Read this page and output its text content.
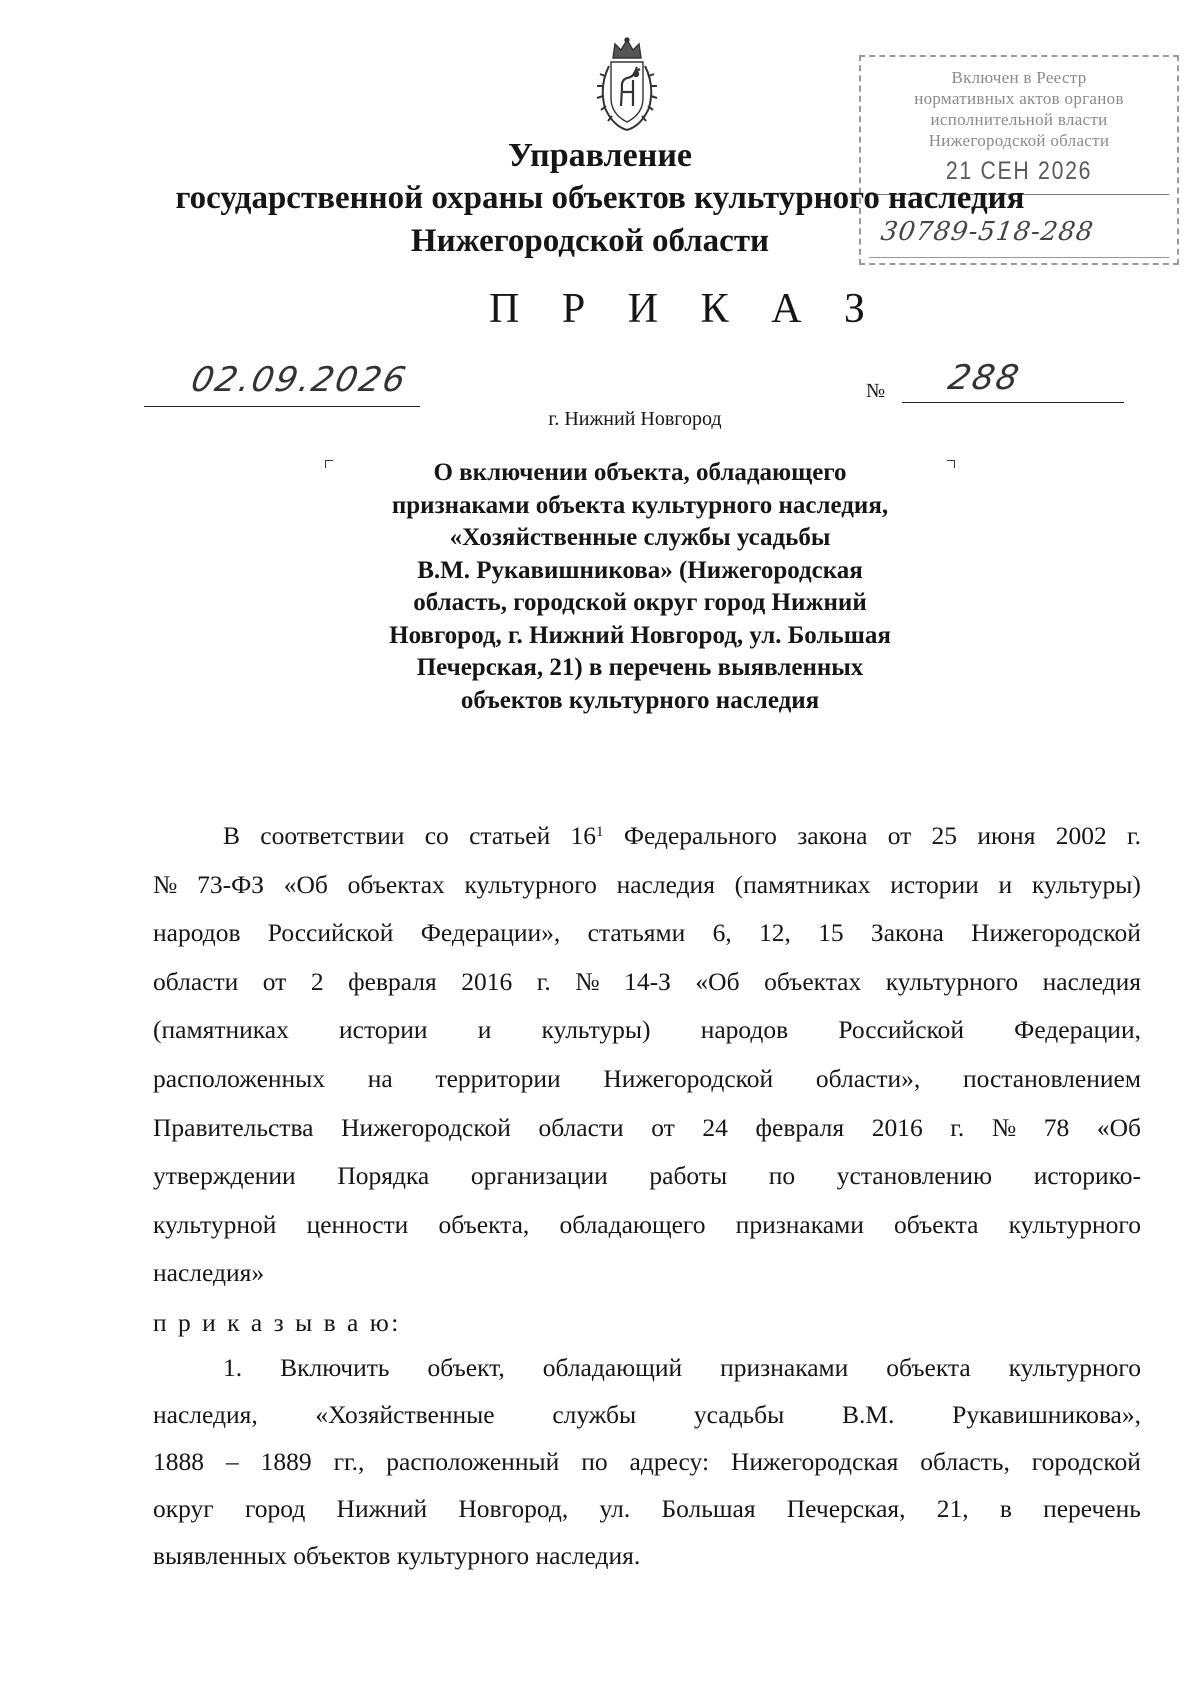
Включен в Реестр
нормативных актов органов
исполнительной власти
Нижегородской области
21 СЕН 2026
30789-518-288
Управление
государственной охраны объектов культурного наследия
Нижегородской области
П Р И К А З
02.09.2026	№ 288
г. Нижний Новгород
О включении объекта, обладающего
признаками объекта культурного наследия,
«Хозяйственные службы усадьбы
В.М. Рукавишникова» (Нижегородская
область, городской округ город Нижний
Новгород, г. Нижний Новгород, ул. Большая
Печерская, 21) в перечень выявленных
объектов культурного наследия
В соответствии со статьей $16^1$ Федерального закона от 25 июня 2002 г.
№ 73-ФЗ «Об объектах культурного наследия (памятниках истории и культуры)
народов Российской Федерации», статьями 6, 12, 15 Закона Нижегородской
области от 2 февраля 2016 г. № 14-З «Об объектах культурного наследия
(памятниках истории и культуры) народов Российской Федерации,
расположенных на территории Нижегородской области», постановлением
Правительства Нижегородской области от 24 февраля 2016 г. № 78 «Об
утверждении Порядка организации работы по установлению историко-
культурной ценности объекта, обладающего признаками объекта культурного
наследия»
п р и к а з ы в а ю:
1. Включить объект, обладающий признаками объекта культурного
наследия, «Хозяйственные службы усадьбы В.М. Рукавишникова»,
1888 – 1889 гг., расположенный по адресу: Нижегородская область, городской
округ город Нижний Новгород, ул. Большая Печерская, 21, в перечень
выявленных объектов культурного наследия.
